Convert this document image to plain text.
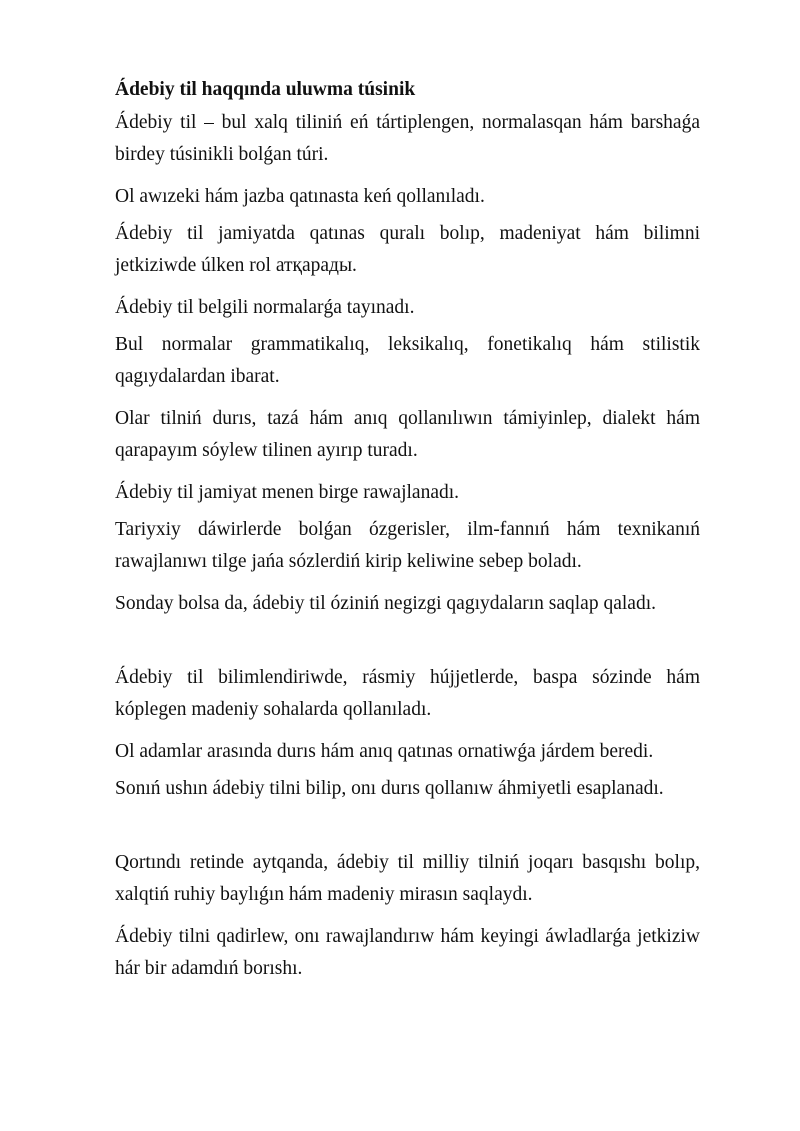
Ádebiy til haqqında uluwma túsinik

Ádebiy til – bul xalq tiliniń eń tártiplengen, normalasqan hám barshaǵa birdey túsinikli bolǵan túri.

Ol awızeki hám jazba qatınasta keń qollanıladı.

Ádebiy til jamiyatda qatınas quralı bolıp, madeniyat hám bilimni jetkiziwde úlken rol атқарады.

Ádebiy til belgili normalarǵa tayınadı.

Bul normalar grammatikalıq, leksikalıq, fonetikalıq hám stilistik qagıydalardan ibarat.

Olar tilniń durıs, tazá hám anıq qollanılıwın támiyinlep, dialekt hám qarapayım sóylew tilinen ayırıp turadı.

Ádebiy til jamiyat menen birge rawajlanadı.

Tariyxiy dáwirlerde bolǵan ózgerisler, ilm-fannıń hám texnikanıń rawajlanıwı tilge jańa sózlerdiń kirip keliwine sebep boladı.

Sonday bolsa da, ádebiy til óziniń negizgi qagıydaların saqlap qaladı.

Ádebiy til bilimlendiriwde, rásmiy hújjetlerde, baspa sózinde hám kóplegen madeniy sohalarda qollanıladı.

Ol adamlar arasında durıs hám anıq qatınas ornatiwǵa járdem beredi.

Sonıń ushın ádebiy tilni bilip, onı durıs qollanıw áhmiyetli esaplanadı.

Qortındı retinde aytqanda, ádebiy til milliy tilniń joqarı basqıshı bolıp, xalqtiń ruhiy baylıǵın hám madeniy mirasın saqlaydı.

Ádebiy tilni qadirlew, onı rawajlandırıw hám keyingi áwladlarǵa jetkiziw hár bir adamdıń borıshı.
